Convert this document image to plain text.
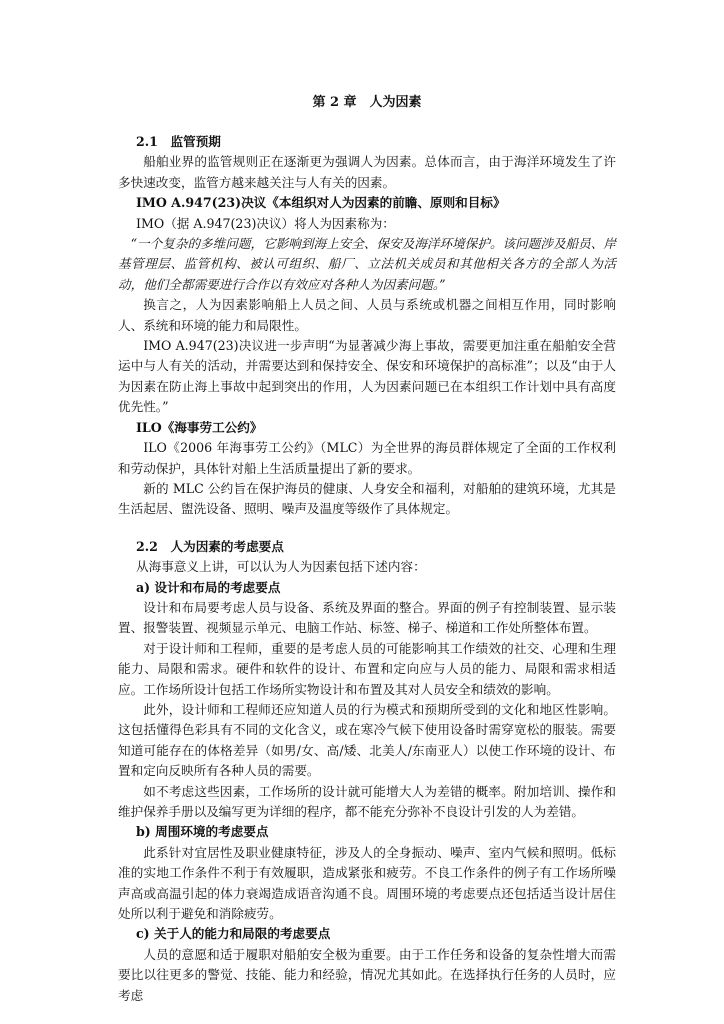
第 2 章　人为因素

2.1　监管预期

船舶业界的监管规则正在逐渐更为强调人为因素。总体而言，由于海洋环境发生了许多快速改变，监管方越来越关注与人有关的因素。

IMO A.947(23)决议《本组织对人为因素的前瞻、原则和目标》

IMO（据 A.947(23)决议）将人为因素称为：

“一个复杂的多维问题，它影响到海上安全、保安及海洋环境保护。该问题涉及船员、岸基管理层、监管机构、被认可组织、船厂、立法机关成员和其他相关各方的全部人为活动，他们全都需要进行合作以有效应对各种人为因素问题。”

换言之，人为因素影响船上人员之间、人员与系统或机器之间相互作用，同时影响人、系统和环境的能力和局限性。

IMO A.947(23)决议进一步声明“为显著减少海上事故，需要更加注重在船舶安全营运中与人有关的活动，并需要达到和保持安全、保安和环境保护的高标准”；以及“由于人为因素在防止海上事故中起到突出的作用，人为因素问题已在本组织工作计划中具有高度优先性。”

ILO《海事劳工公约》

ILO《2006 年海事劳工公约》（MLC）为全世界的海员群体规定了全面的工作权利和劳动保护，具体针对船上生活质量提出了新的要求。

新的 MLC 公约旨在保护海员的健康、人身安全和福利，对船舶的建筑环境，尤其是生活起居、盥洗设备、照明、噪声及温度等级作了具体规定。

2.2　人为因素的考虑要点

从海事意义上讲，可以认为人为因素包括下述内容：

a) 设计和布局的考虑要点

设计和布局要考虑人员与设备、系统及界面的整合。界面的例子有控制装置、显示装置、报警装置、视频显示单元、电脑工作站、标签、梯子、梯道和工作处所整体布置。

对于设计师和工程师，重要的是考虑人员的可能影响其工作绩效的社交、心理和生理能力、局限和需求。硬件和软件的设计、布置和定向应与人员的能力、局限和需求相适应。工作场所设计包括工作场所实物设计和布置及其对人员安全和绩效的影响。

此外，设计师和工程师还应知道人员的行为模式和预期所受到的文化和地区性影响。这包括懂得色彩具有不同的文化含义，或在寒冷气候下使用设备时需穿宽松的服装。需要知道可能存在的体格差异（如男/女、高/矮、北美人/东南亚人）以使工作环境的设计、布置和定向反映所有各种人员的需要。

如不考虑这些因素，工作场所的设计就可能增大人为差错的概率。附加培训、操作和维护保养手册以及编写更为详细的程序，都不能充分弥补不良设计引发的人为差错。

b) 周围环境的考虑要点

此系针对宜居性及职业健康特征，涉及人的全身振动、噪声、室内气候和照明。低标准的实地工作条件不利于有效履职，造成紧张和疲劳。不良工作条件的例子有工作场所噪声高或高温引起的体力衰竭造成语音沟通不良。周围环境的考虑要点还包括适当设计居住处所以利于避免和消除疲劳。

c) 关于人的能力和局限的考虑要点

人员的意愿和适于履职对船舶安全极为重要。由于工作任务和设备的复杂性增大而需要比以往更多的警觉、技能、能力和经验，情况尤其如此。在选择执行任务的人员时，应考虑
